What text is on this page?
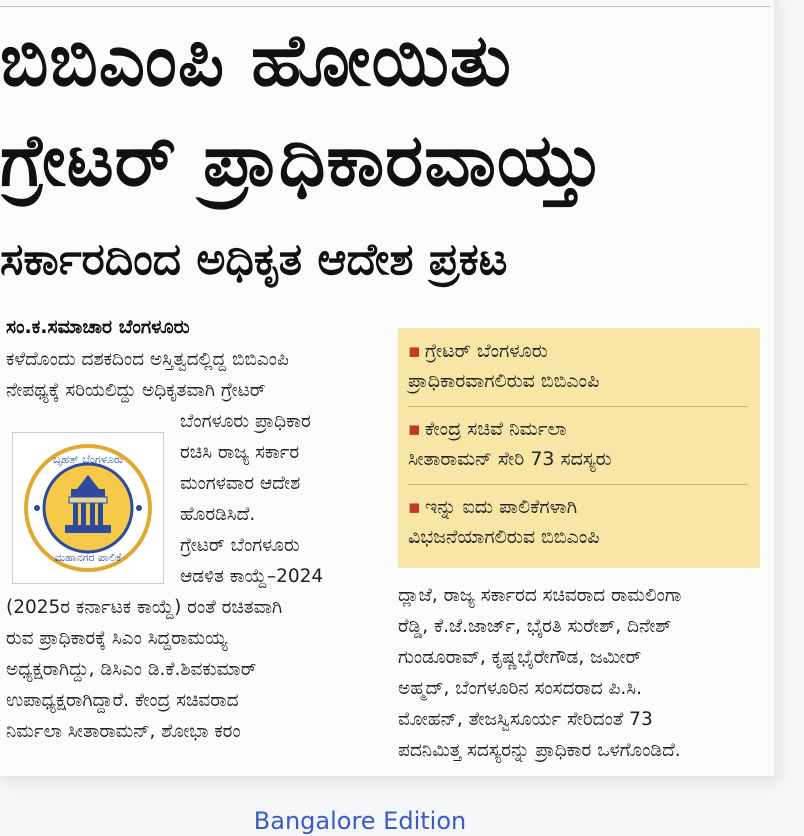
ಬಿಬಿಎಂಪಿ ಹೋಯಿತು
ಗ್ರೇಟರ್ ಪ್ರಾಧಿಕಾರವಾಯ್ತು
ಸರ್ಕಾರದಿಂದ ಅಧಿಕೃತ ಆದೇಶ ಪ್ರಕಟ
ಸಂ.ಕ.ಸಮಾಚಾರ ಬೆಂಗಳೂರು

ಕಳೆದೊಂದು ದಶಕದಿಂದ ಅಸ್ತಿತ್ವದಲ್ಲಿದ್ದ ಬಿಬಿಎಂಪಿ

ನೇಪಥ್ಯಕ್ಕೆ ಸರಿಯಲಿದ್ದು ಅಧಿಕೃತವಾಗಿ ಗ್ರೇಟರ್

ಬೆಂಗಳೂರು ಪ್ರಾಧಿಕಾರ

ರಚಿಸಿ ರಾಜ್ಯ ಸರ್ಕಾರ

ಮಂಗಳವಾರ ಆದೇಶ

ಹೊರಡಿಸಿದೆ.

ಗ್ರೇಟರ್ ಬೆಂಗಳೂರು

ಆಡಳಿತ ಕಾಯ್ದೆ–2024

(2025ರ ಕರ್ನಾಟಕ ಕಾಯ್ದೆ) ರಂತೆ ರಚಿತವಾಗಿ

ರುವ ಪ್ರಾಧಿಕಾರಕ್ಕೆ ಸಿಎಂ ಸಿದ್ದರಾಮಯ್ಯ

ಅಧ್ಯಕ್ಷರಾಗಿದ್ದು, ಡಿಸಿಎಂ ಡಿ.ಕೆ.ಶಿವಕುಮಾರ್

ಉಪಾಧ್ಯಕ್ಷರಾಗಿದ್ದಾರೆ. ಕೇಂದ್ರ ಸಚಿವರಾದ

ನಿರ್ಮಲಾ ಸೀತಾರಾಮನ್, ಶೋಭಾ ಕರಂ

ಬೃಹತ್ ಬೆಂಗಳೂರು
ಮಹಾನಗರ ಪಾಲಿಕೆ
▪ ಗ್ರೇಟರ್ ಬೆಂಗಳೂರು
ಪ್ರಾಧಿಕಾರವಾಗಲಿರುವ ಬಿಬಿಎಂಪಿ
▪ ಕೇಂದ್ರ ಸಚಿವೆ ನಿರ್ಮಲಾ
ಸೀತಾರಾಮನ್ ಸೇರಿ 73 ಸದಸ್ಯರು
▪ ಇನ್ನು ಐದು ಪಾಲಿಕೆಗಳಾಗಿ
ವಿಭಜನೆಯಾಗಲಿರುವ ಬಿಬಿಎಂಪಿ

ದ್ಲಾಜೆ, ರಾಜ್ಯ ಸರ್ಕಾರದ ಸಚಿವರಾದ ರಾಮಲಿಂಗಾ

ರೆಡ್ಡಿ, ಕೆ.ಜೆ.ಜಾರ್ಜ್, ಭೈರತಿ ಸುರೇಶ್, ದಿನೇಶ್

ಗುಂಡೂರಾವ್, ಕೃಷ್ಣಭೈರೇಗೌಡ, ಜಮೀರ್

ಅಹ್ಮದ್, ಬೆಂಗಳೂರಿನ ಸಂಸದರಾದ ಪಿ.ಸಿ.

ಮೋಹನ್, ತೇಜಸ್ವಿಸೂರ್ಯ ಸೇರಿದಂತೆ 73

ಪದನಿಮಿತ್ತ ಸದಸ್ಯರನ್ನು ಪ್ರಾಧಿಕಾರ ಒಳಗೊಂಡಿದೆ.

Bangalore Edition
